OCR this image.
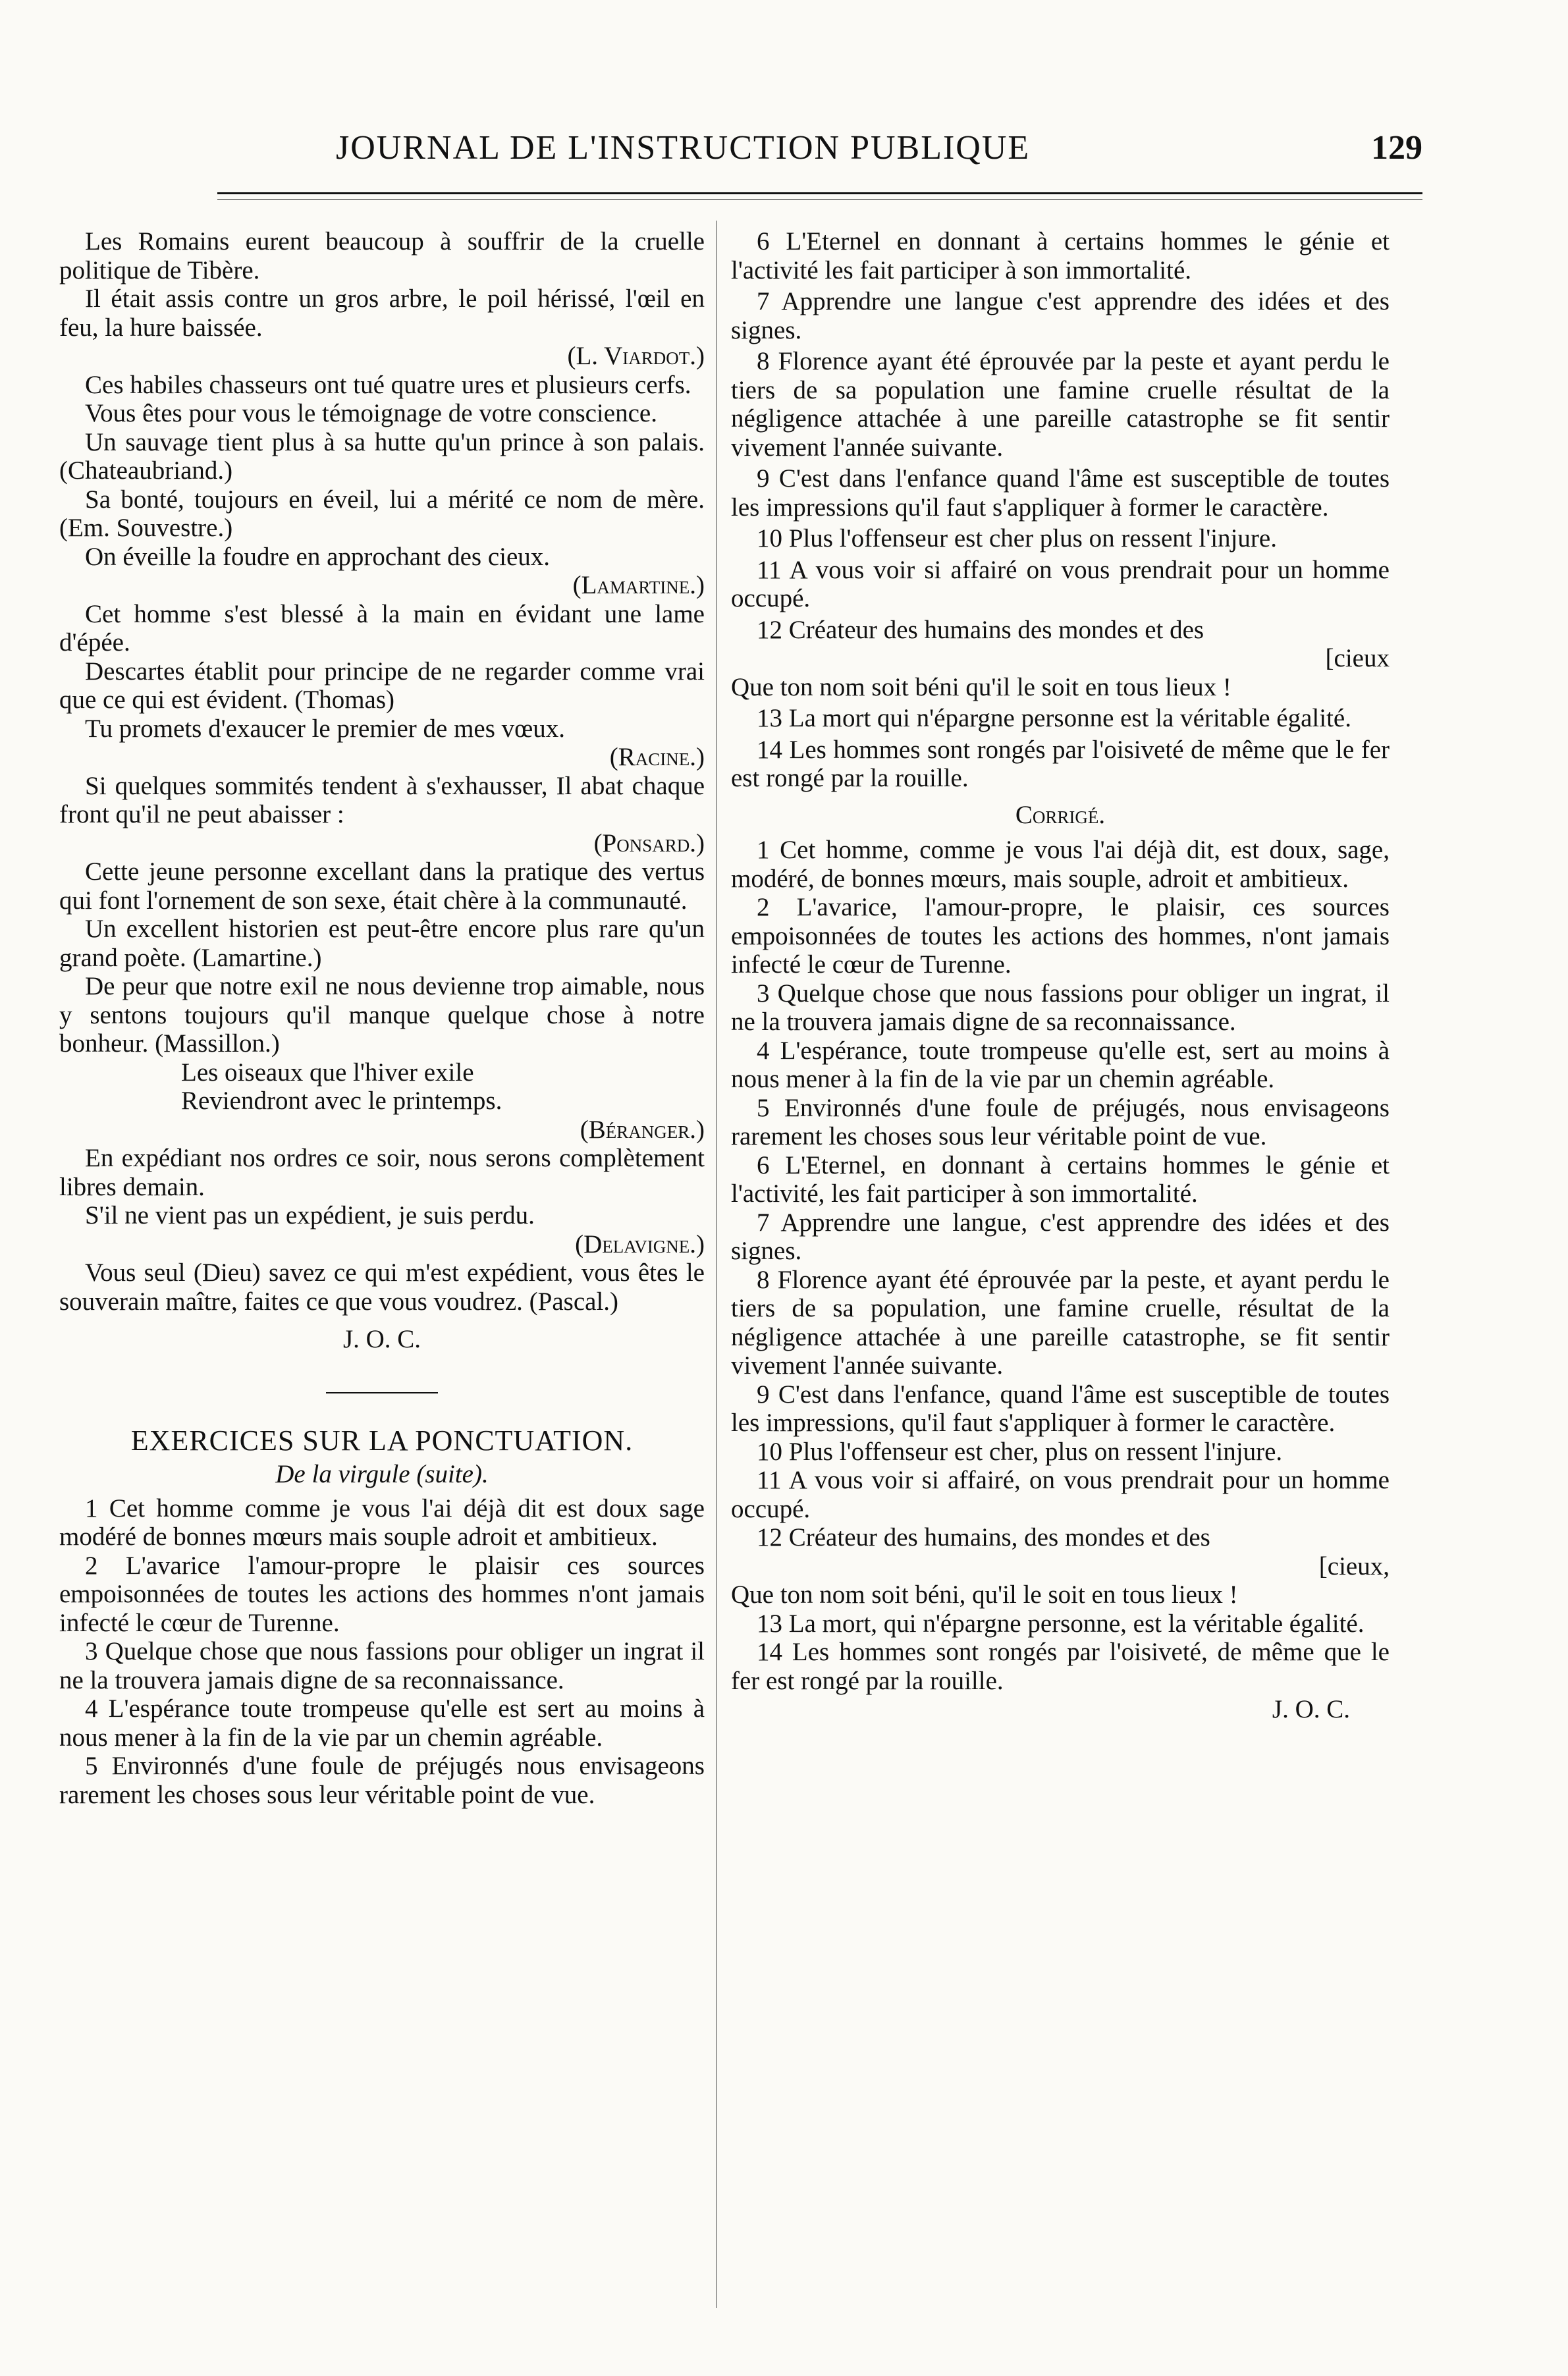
JOURNAL DE L'INSTRUCTION PUBLIQUE	129

Les Romains eurent beaucoup à souffrir de la cruelle politique de Tibère.

Il était assis contre un gros arbre, le poil hérissé, l'œil en feu, la hure baissée.

(L. Viardot.)

Ces habiles chasseurs ont tué quatre ures et plusieurs cerfs.

Vous êtes pour vous le témoignage de votre conscience.

Un sauvage tient plus à sa hutte qu'un prince à son palais. (Chateaubriand.)

Sa bonté, toujours en éveil, lui a mérité ce nom de mère. (Em. Souvestre.)

On éveille la foudre en approchant des cieux.

(Lamartine.)

Cet homme s'est blessé à la main en évidant une lame d'épée.

Descartes établit pour principe de ne regarder comme vrai que ce qui est évident. (Thomas)

Tu promets d'exaucer le premier de mes vœux.

(Racine.)

Si quelques sommités tendent à s'exhausser, Il abat chaque front qu'il ne peut abaisser :

(Ponsard.)

Cette jeune personne excellant dans la pratique des vertus qui font l'ornement de son sexe, était chère à la communauté.

Un excellent historien est peut-être encore plus rare qu'un grand poète. (Lamartine.)

De peur que notre exil ne nous devienne trop aimable, nous y sentons toujours qu'il manque quelque chose à notre bonheur. (Massillon.)

Les oiseaux que l'hiver exile

Reviendront avec le printemps.

(Béranger.)

En expédiant nos ordres ce soir, nous serons complètement libres demain.

S'il ne vient pas un expédient, je suis perdu.

(Delavigne.)

Vous seul (Dieu) savez ce qui m'est expédient, vous êtes le souverain maître, faites ce que vous voudrez. (Pascal.)

J. O. C.

EXERCICES SUR LA PONCTUATION.

De la virgule (suite).

1 Cet homme comme je vous l'ai déjà dit est doux sage modéré de bonnes mœurs mais souple adroit et ambitieux.

2 L'avarice l'amour-propre le plaisir ces sources empoisonnées de toutes les actions des hommes n'ont jamais infecté le cœur de Turenne.

3 Quelque chose que nous fassions pour obliger un ingrat il ne la trouvera jamais digne de sa reconnaissance.

4 L'espérance toute trompeuse qu'elle est sert au moins à nous mener à la fin de la vie par un chemin agréable.

5 Environnés d'une foule de préjugés nous envisageons rarement les choses sous leur véritable point de vue.

6 L'Eternel en donnant à certains hommes le génie et l'activité les fait participer à son immortalité.

7 Apprendre une langue c'est apprendre des idées et des signes.

8 Florence ayant été éprouvée par la peste et ayant perdu le tiers de sa population une famine cruelle résultat de la négligence attachée à une pareille catastrophe se fit sentir vivement l'année suivante.

9 C'est dans l'enfance quand l'âme est susceptible de toutes les impressions qu'il faut s'appliquer à former le caractère.

10 Plus l'offenseur est cher plus on ressent l'injure.

11 A vous voir si affairé on vous prendrait pour un homme occupé.

12 Créateur des humains des mondes et des

[cieux

Que ton nom soit béni qu'il le soit en tous lieux !

13 La mort qui n'épargne personne est la véritable égalité.

14 Les hommes sont rongés par l'oisiveté de même que le fer est rongé par la rouille.

Corrigé.

1 Cet homme, comme je vous l'ai déjà dit, est doux, sage, modéré, de bonnes mœurs, mais souple, adroit et ambitieux.

2 L'avarice, l'amour-propre, le plaisir, ces sources empoisonnées de toutes les actions des hommes, n'ont jamais infecté le cœur de Turenne.

3 Quelque chose que nous fassions pour obliger un ingrat, il ne la trouvera jamais digne de sa reconnaissance.

4 L'espérance, toute trompeuse qu'elle est, sert au moins à nous mener à la fin de la vie par un chemin agréable.

5 Environnés d'une foule de préjugés, nous envisageons rarement les choses sous leur véritable point de vue.

6 L'Eternel, en donnant à certains hommes le génie et l'activité, les fait participer à son immortalité.

7 Apprendre une langue, c'est apprendre des idées et des signes.

8 Florence ayant été éprouvée par la peste, et ayant perdu le tiers de sa population, une famine cruelle, résultat de la négligence attachée à une pareille catastrophe, se fit sentir vivement l'année suivante.

9 C'est dans l'enfance, quand l'âme est susceptible de toutes les impressions, qu'il faut s'appliquer à former le caractère.

10 Plus l'offenseur est cher, plus on ressent l'injure.

11 A vous voir si affairé, on vous prendrait pour un homme occupé.

12 Créateur des humains, des mondes et des

[cieux,

Que ton nom soit béni, qu'il le soit en tous lieux !

13 La mort, qui n'épargne personne, est la véritable égalité.

14 Les hommes sont rongés par l'oisiveté, de même que le fer est rongé par la rouille.

J. O. C.
